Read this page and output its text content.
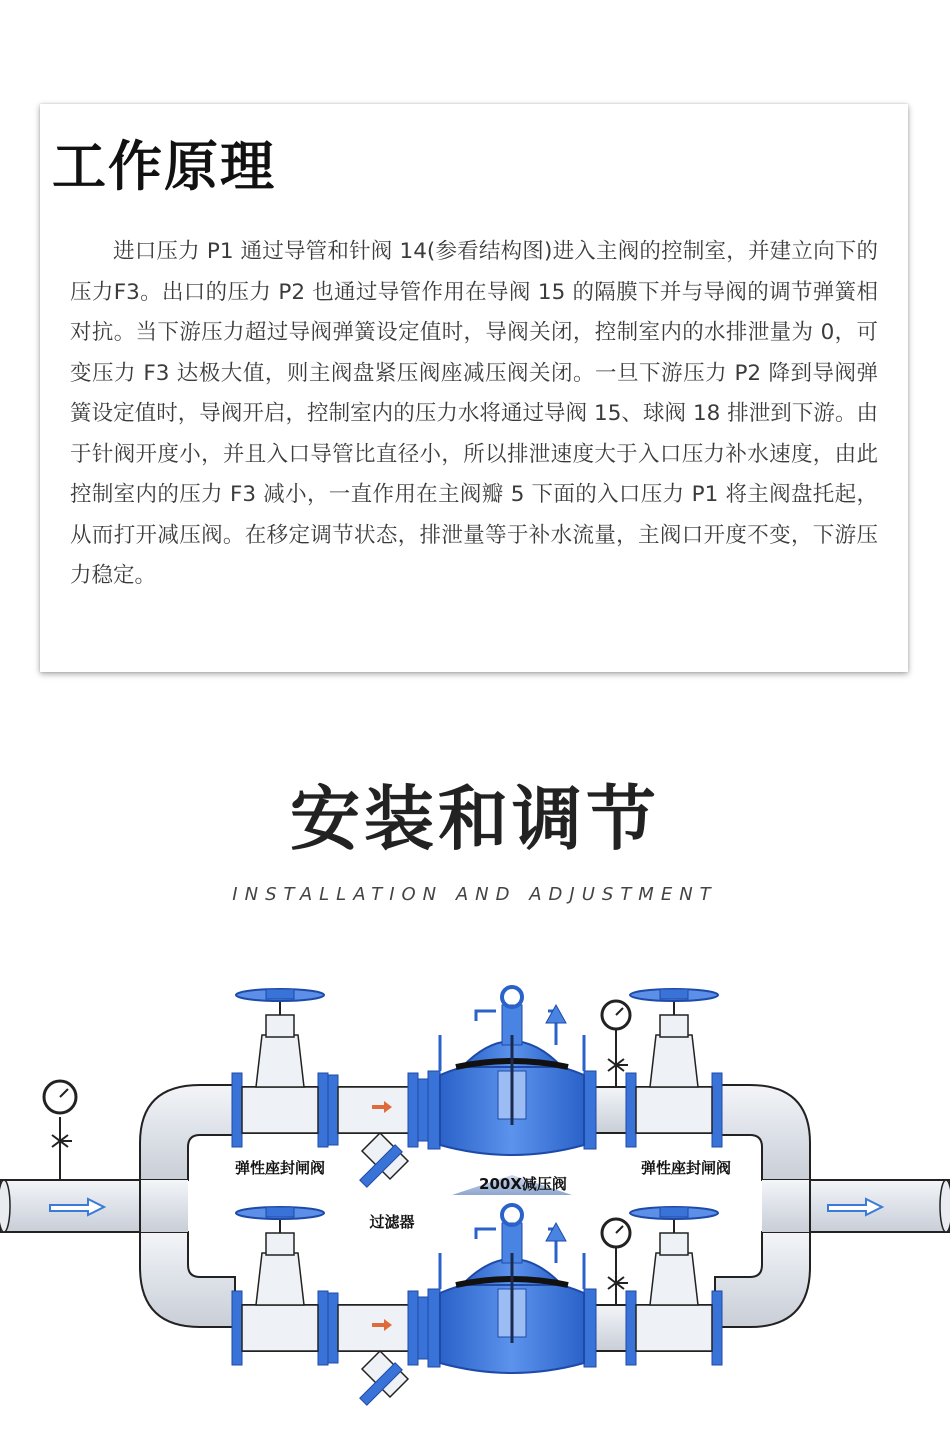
工作原理
进口压力 P1 通过导管和针阀 14(参看结构图)进入主阀的控制室，并建立向下的压力F3。出口的压力 P2 也通过导管作用在导阀 15 的隔膜下并与导阀的调节弹簧相对抗。当下游压力超过导阀弹簧设定值时，导阀关闭，控制室内的水排泄量为 0，可变压力 F3 达极大值，则主阀盘紧压阀座减压阀关闭。一旦下游压力 P2 降到导阀弹簧设定值时，导阀开启，控制室内的压力水将通过导阀 15、球阀 18 排泄到下游。由于针阀开度小，并且入口导管比直径小，所以排泄速度大于入口压力补水速度，由此控制室内的压力 F3 减小，一直作用在主阀瓣 5 下面的入口压力 P1 将主阀盘托起，从而打开减压阀。在移定调节状态，排泄量等于补水流量，主阀口开度不变，下游压力稳定。
安装和调节
INSTALLATION AND ADJUSTMENT
弹性座封闸阀	弹性座封闸阀
200X减压阀
过滤器
